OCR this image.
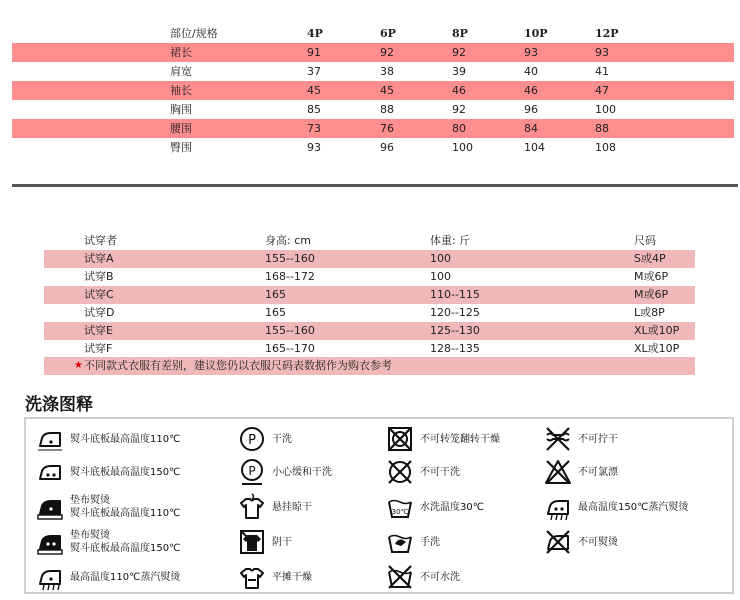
部位/规格	4P	6P	8P	10P	12P
裙长	91	92	92	93	93
肩宽	37	38	39	40	41
袖长	45	45	46	46	47
胸围	85	88	92	96	100
腰围	73	76	80	84	88
臀围	93	96	100	104	108
试穿者	身高: cm	体重: 斤	尺码
试穿A	155--160	100	S或4P
试穿B	168--172	100	M或6P
试穿C	165	110--115	M或6P
试穿D	165	120--125	L或8P
试穿E	155--160	125--130	XL或10P
试穿F	165--170	128--135	XL或10P
★ 不同款式衣服有差别，建议您仍以衣服尺码表数据作为购衣参考
洗涤图释
熨斗底板最高温度110℃
熨斗底板最高温度150℃
垫布熨烫
熨斗底板最高温度110℃
垫布熨烫
熨斗底板最高温度150℃
最高温度110℃蒸汽熨烫
P 干洗
P 小心缓和干洗
悬挂晾干
阴干
平摊干燥
不可转笼翻转干燥
不可干洗
30℃ 水洗温度30℃
手洗
不可水洗
不可拧干
不可氯漂
最高温度150℃蒸汽熨烫
不可熨烫
